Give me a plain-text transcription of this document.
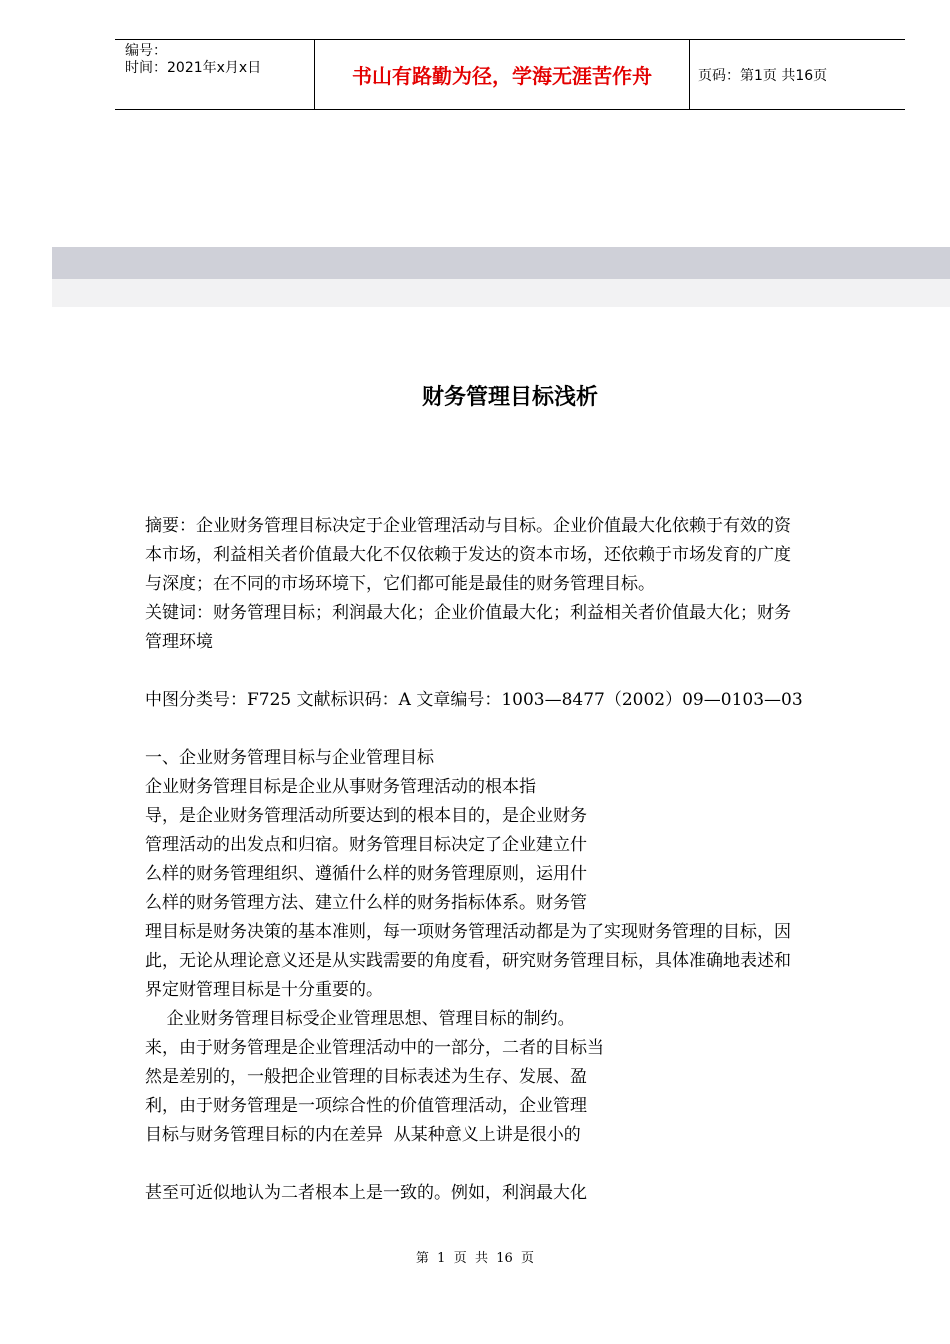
编号：
时间：2021年x月x日	书山有路勤为径，学海无涯苦作舟	页码：第1页 共16页
财务管理目标浅析
摘要：企业财务管理目标决定于企业管理活动与目标。企业价值最大化依赖于有效的资
本市场，利益相关者价值最大化不仅依赖于发达的资本市场，还依赖于市场发育的广度
与深度；在不同的市场环境下，它们都可能是最佳的财务管理目标。
关键词：财务管理目标；利润最大化；企业价值最大化；利益相关者价值最大化；财务
管理环境
中图分类号：F725 文献标识码：A 文章编号：1003—8477（2002）09—0103—03
一、企业财务管理目标与企业管理目标
企业财务管理目标是企业从事财务管理活动的根本指
导，是企业财务管理活动所要达到的根本目的，是企业财务
管理活动的出发点和归宿。财务管理目标决定了企业建立什
么样的财务管理组织、遵循什么样的财务管理原则，运用什
么样的财务管理方法、建立什么样的财务指标体系。财务管
理目标是财务决策的基本准则，每一项财务管理活动都是为了实现财务管理的目标，因
此，无论从理论意义还是从实践需要的角度看，研究财务管理目标，具体准确地表述和
界定财管理目标是十分重要的。
企业财务管理目标受企业管理思想、管理目标的制约。
来，由于财务管理是企业管理活动中的一部分，二者的目标当
然是差别的，一般把企业管理的目标表述为生存、发展、盈
利，由于财务管理是一项综合性的价值管理活动，企业管理
目标与财务管理目标的内在差异  从某种意义上讲是很小的
甚至可近似地认为二者根本上是一致的。例如，利润最大化
第  1  页  共  16  页
